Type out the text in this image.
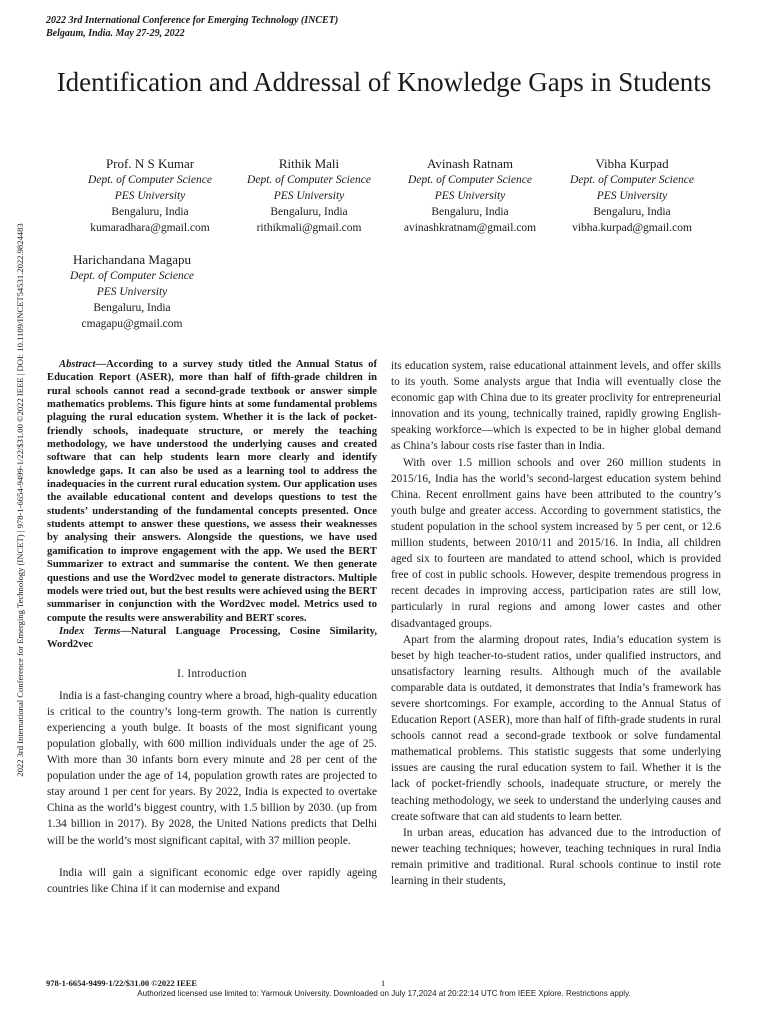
2022 3rd International Conference for Emerging Technology (INCET)
Belgaum, India. May 27-29, 2022
Identification and Addressal of Knowledge Gaps in Students
2022 3rd International Conference for Emerging Technology (INCET) | 978-1-6654-9499-1/22/$31.00 ©2022 IEEE | DOI: 10.1109/INCET54531.2022.9824483
Prof. N S Kumar
Dept. of Computer Science
PES University
Bengaluru, India
kumaradhara@gmail.com
Rithik Mali
Dept. of Computer Science
PES University
Bengaluru, India
rithikmali@gmail.com
Avinash Ratnam
Dept. of Computer Science
PES University
Bengaluru, India
avinashkratnam@gmail.com
Vibha Kurpad
Dept. of Computer Science
PES University
Bengaluru, India
vibha.kurpad@gmail.com
Harichandana Magapu
Dept. of Computer Science
PES University
Bengaluru, India
cmagapu@gmail.com

Abstract—According to a survey study titled the Annual Status of Education Report (ASER), more than half of fifth-grade children in rural schools cannot read a second-grade textbook or answer simple mathematics problems. This figure hints at some fundamental problems plaguing the rural education system. Whether it is the lack of pocket-friendly schools, inadequate structure, or merely the teaching methodology, we have understood the underlying causes and created software that can help students learn more clearly and identify knowledge gaps. It can also be used as a learning tool to address the inadequacies in the current rural education system. Our application uses the available educational content and develops questions to test the students’ understanding of the fundamental concepts presented. Once students attempt to answer these questions, we assess their weaknesses by analysing their answers. Alongside the questions, we have used gamification to improve engagement with the app. We used the BERT Summarizer to extract and summarise the content. We then generate questions and use the Word2vec model to generate distractors. Multiple models were tried out, but the best results were achieved using the BERT summariser in conjunction with the Word2vec model. Metrics used to compute the results were answerability and BERT scores.

Index Terms—Natural Language Processing, Cosine Similarity, Word2vec

I. Introduction

India is a fast-changing country where a broad, high-quality education is critical to the country’s long-term growth. The nation is currently experiencing a youth bulge. It boasts of the most significant young population globally, with 600 million individuals under the age of 25. With more than 30 infants born every minute and 28 per cent of the population under the age of 14, population growth rates are projected to stay around 1 per cent for years. By 2022, India is expected to overtake China as the world’s biggest country, with 1.5 billion by 2030. (up from 1.34 billion in 2017). By 2028, the United Nations predicts that Delhi will be the world’s most significant capital, with 37 million people.

India will gain a significant economic edge over rapidly ageing countries like China if it can modernise and expand

its education system, raise educational attainment levels, and offer skills to its youth. Some analysts argue that India will eventually close the economic gap with China due to its greater proclivity for entrepreneurial innovation and its young, technically trained, rapidly growing English-speaking workforce—which is expected to be in higher global demand as China’s labour costs rise faster than in India.

With over 1.5 million schools and over 260 million students in 2015/16, India has the world’s second-largest education system behind China. Recent enrollment gains have been attributed to the country’s youth bulge and greater access. According to government statistics, the student population in the school system increased by 5 per cent, or 12.6 million students, between 2010/11 and 2015/16. In India, all children aged six to fourteen are mandated to attend school, which is provided free of cost in public schools. However, despite tremendous progress in recent decades in improving access, participation rates are still low, particularly in rural regions and among lower castes and other disadvantaged groups.

Apart from the alarming dropout rates, India’s education system is beset by high teacher-to-student ratios, under qualified instructors, and unsatisfactory learning results. Although much of the available comparable data is outdated, it demonstrates that India’s framework has severe shortcomings. For example, according to the Annual Status of Education Report (ASER), more than half of fifth-grade students in rural schools cannot read a second-grade textbook or solve fundamental mathematical problems. This statistic suggests that some underlying issues are causing the rural education system to fail. Whether it is the lack of pocket-friendly schools, inadequate structure, or merely the teaching methodology, we seek to understand the underlying causes and create software that can aid students to learn better.

In urban areas, education has advanced due to the introduction of newer teaching techniques; however, teaching techniques in rural India remain primitive and traditional. Rural schools continue to instil rote learning in their students,

978-1-6654-9499-1/22/$31.00 ©2022 IEEE	1
Authorized licensed use limited to: Yarmouk University. Downloaded on July 17,2024 at 20:22:14 UTC from IEEE Xplore. Restrictions apply.
